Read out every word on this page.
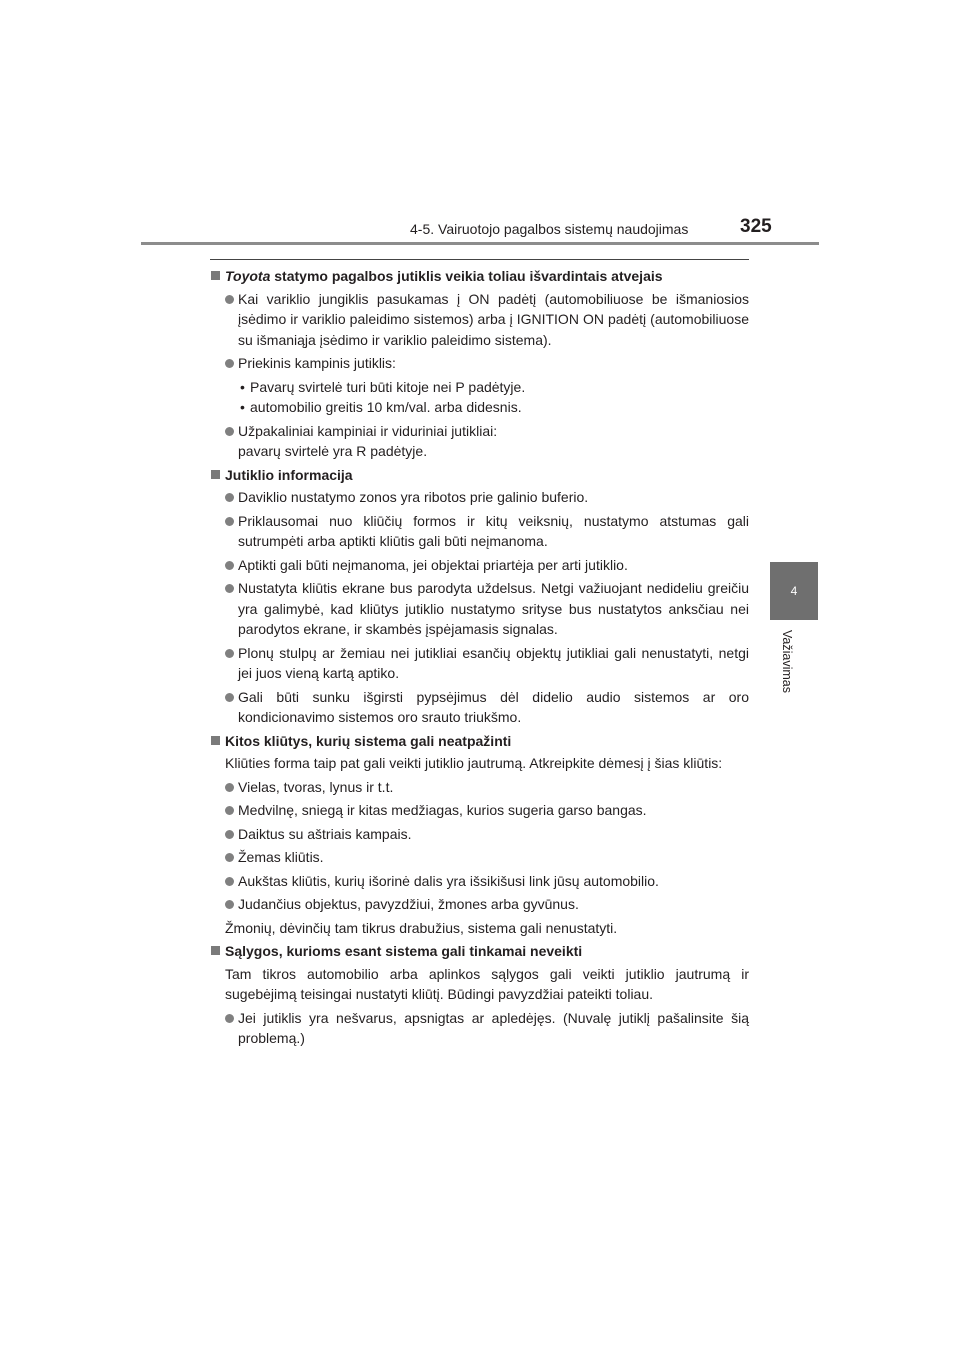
4-5. Vairuotojo pagalbos sistemų naudojimas	325
4
Važiavimas
Toyota statymo pagalbos jutiklis veikia toliau išvardintais atvejais
Kai variklio jungiklis pasukamas į ON padėtį (automobiliuose be išmaniosios įsėdimo ir variklio paleidimo sistemos) arba į IGNITION ON padėtį (automobiliuose su išmaniąja įsėdimo ir variklio paleidimo sistema).
Priekinis kampinis jutiklis:
• Pavarų svirtelė turi būti kitoje nei P padėtyje.
• automobilio greitis 10 km/val. arba didesnis.
Užpakaliniai kampiniai ir viduriniai jutikliai:
pavarų svirtelė yra R padėtyje.
Jutiklio informacija
Daviklio nustatymo zonos yra ribotos prie galinio buferio.
Priklausomai nuo kliūčių formos ir kitų veiksnių, nustatymo atstumas gali sutrumpėti arba aptikti kliūtis gali būti neįmanoma.
Aptikti gali būti neįmanoma, jei objektai priartėja per arti jutiklio.
Nustatyta kliūtis ekrane bus parodyta uždelsus. Netgi važiuojant nedideliu greičiu yra galimybė, kad kliūtys jutiklio nustatymo srityse bus nustatytos anksčiau nei parodytos ekrane, ir skambės įspėjamasis signalas.
Plonų stulpų ar žemiau nei jutikliai esančių objektų jutikliai gali nenustatyti, netgi jei juos vieną kartą aptiko.
Gali būti sunku išgirsti pypsėjimus dėl didelio audio sistemos ar oro kondicionavimo sistemos oro srauto triukšmo.
Kitos kliūtys, kurių sistema gali neatpažinti
Kliūties forma taip pat gali veikti jutiklio jautrumą. Atkreipkite dėmesį į šias kliūtis:
Vielas, tvoras, lynus ir t.t.
Medvilnę, sniegą ir kitas medžiagas, kurios sugeria garso bangas.
Daiktus su aštriais kampais.
Žemas kliūtis.
Aukštas kliūtis, kurių išorinė dalis yra išsikišusi link jūsų automobilio.
Judančius objektus, pavyzdžiui, žmones arba gyvūnus.
Žmonių, dėvinčių tam tikrus drabužius, sistema gali nenustatyti.
Sąlygos, kurioms esant sistema gali tinkamai neveikti
Tam tikros automobilio arba aplinkos sąlygos gali veikti jutiklio jautrumą ir sugebėjimą teisingai nustatyti kliūtį. Būdingi pavyzdžiai pateikti toliau.
Jei jutiklis yra nešvarus, apsnigtas ar apledėjęs. (Nuvalę jutiklį pašalinsite šią problemą.)
